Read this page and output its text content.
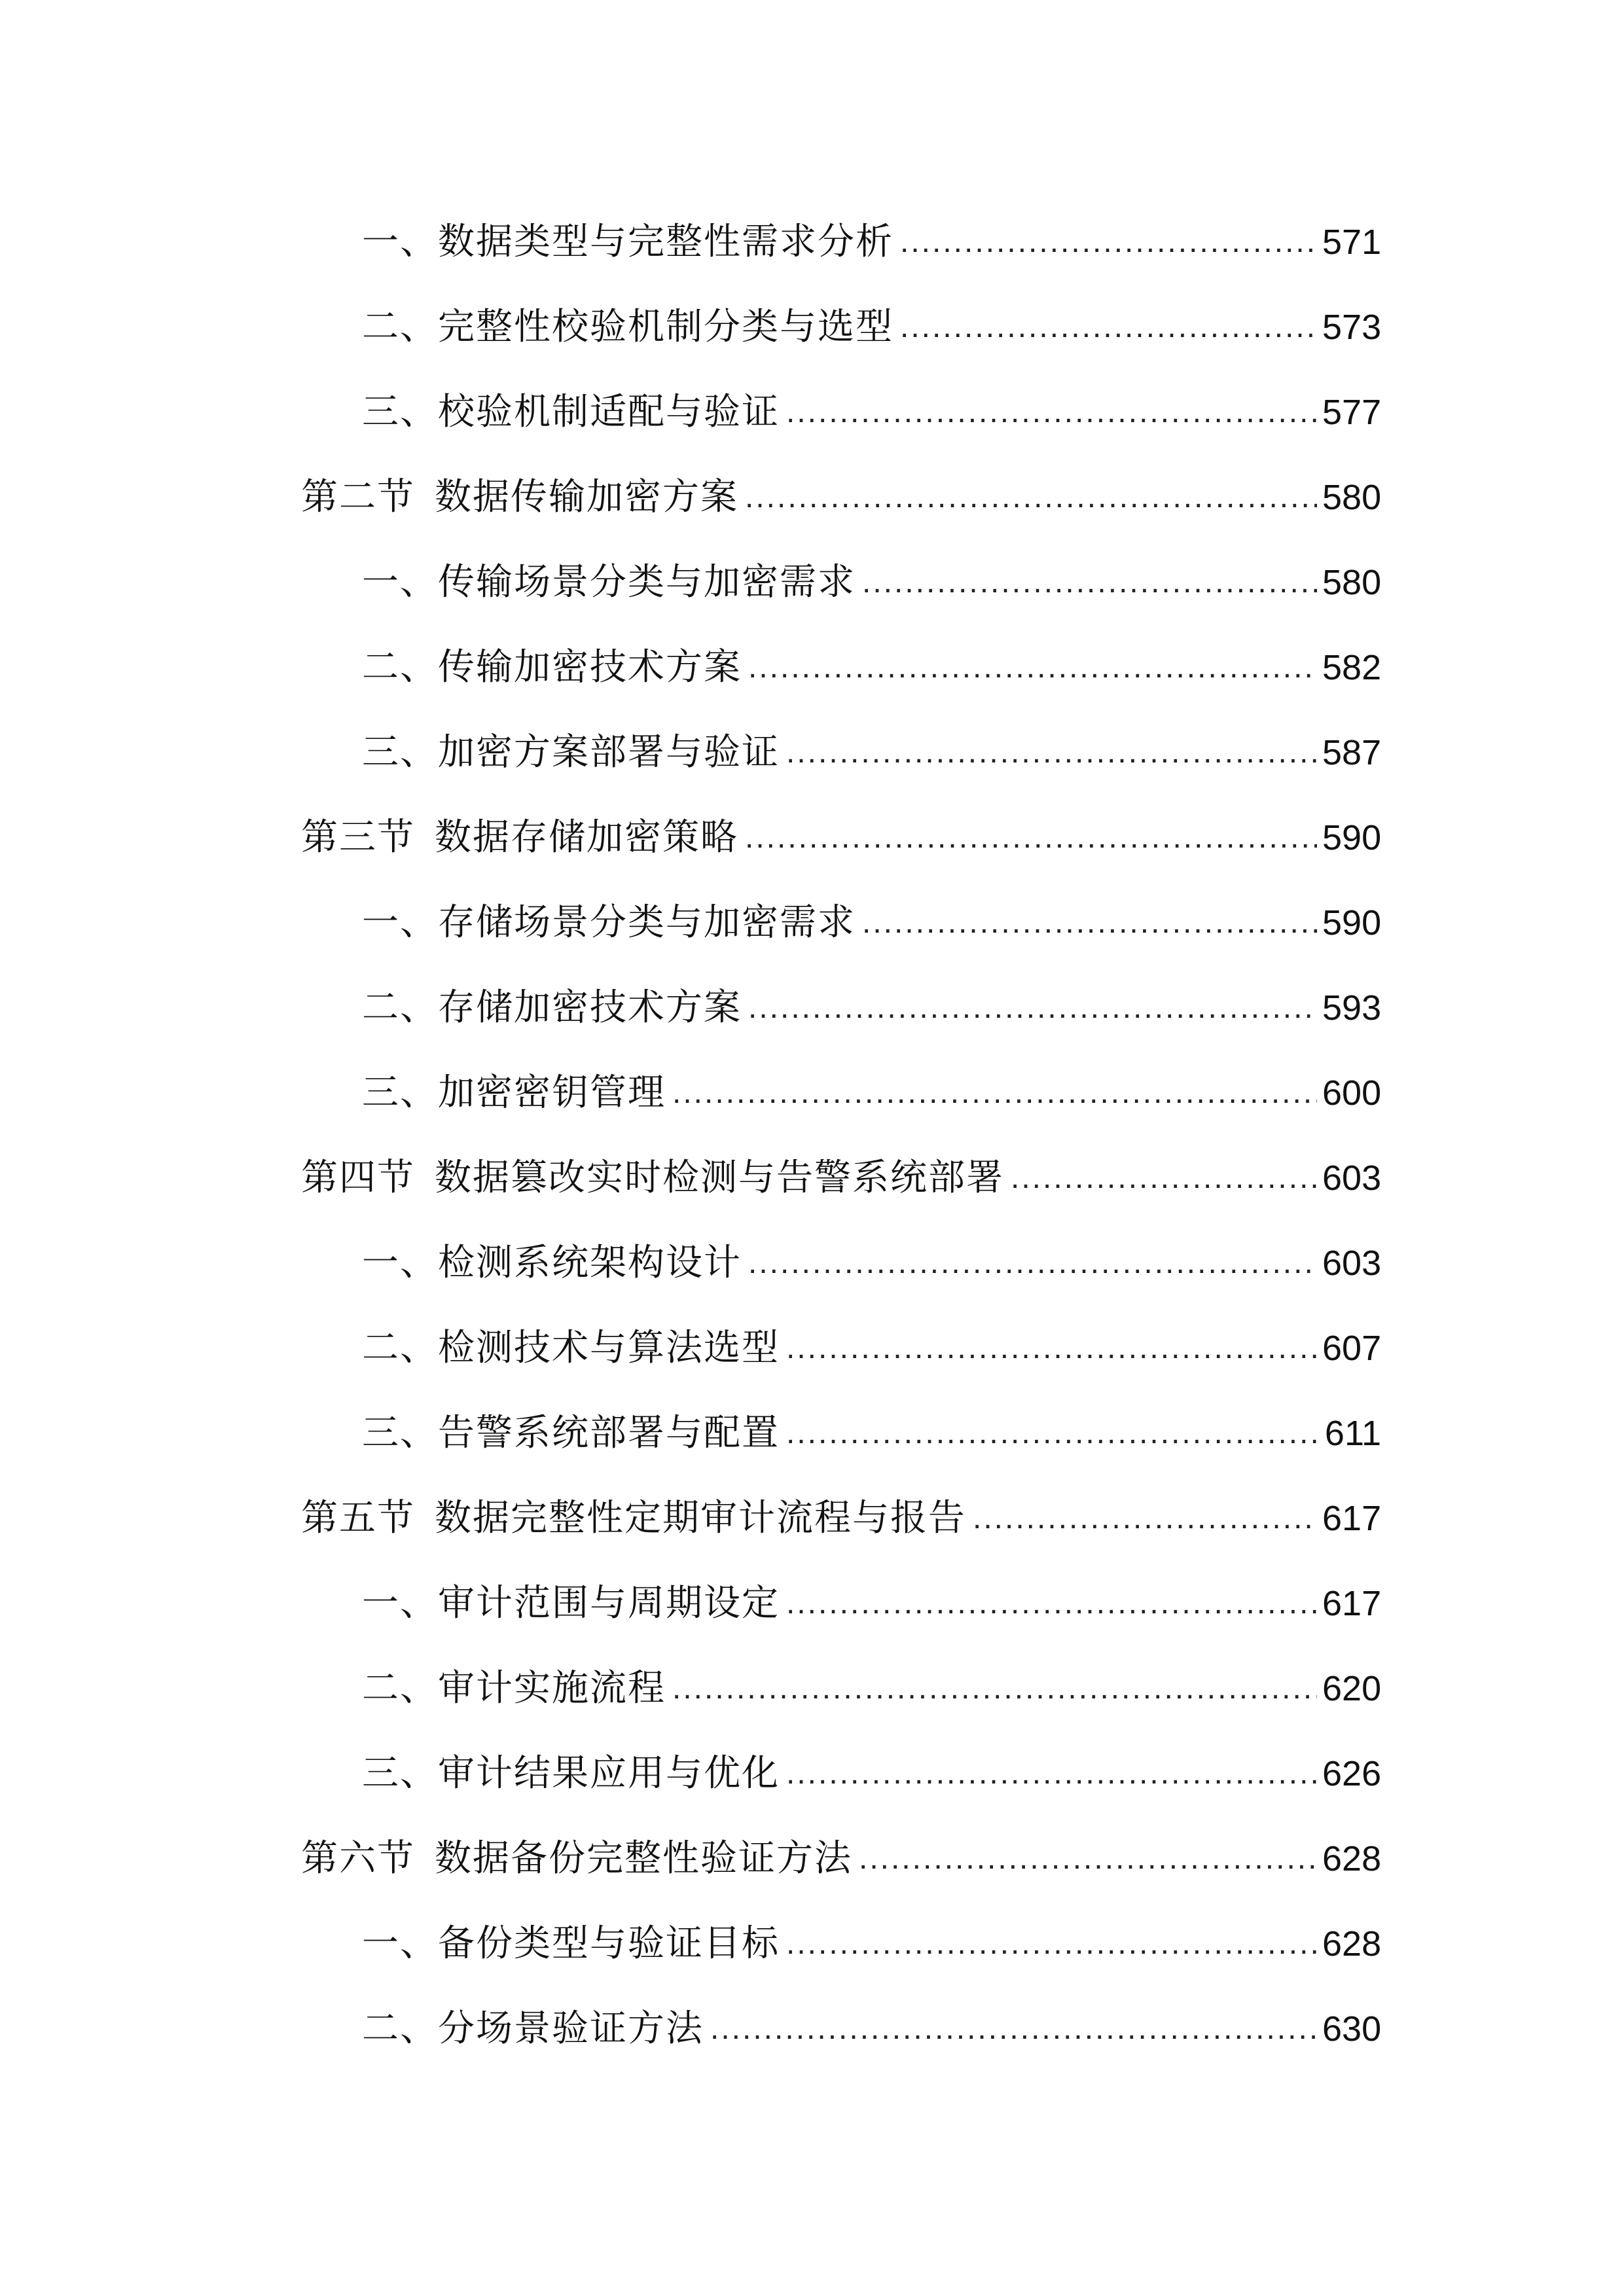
一、数据类型与完整性需求分析 .....	571
二、完整性校验机制分类与选型 .....	573
三、校验机制适配与验证 .....	577
第二节 数据传输加密方案 .....	580
一、传输场景分类与加密需求 .....	580
二、传输加密技术方案 .....	582
三、加密方案部署与验证 .....	587
第三节 数据存储加密策略 .....	590
一、存储场景分类与加密需求 .....	590
二、存储加密技术方案 .....	593
三、加密密钥管理 .....	600
第四节 数据篡改实时检测与告警系统部署 .....	603
一、检测系统架构设计 .....	603
二、检测技术与算法选型 .....	607
三、告警系统部署与配置 .....	611
第五节 数据完整性定期审计流程与报告 .....	617
一、审计范围与周期设定 .....	617
二、审计实施流程 .....	620
三、审计结果应用与优化 .....	626
第六节 数据备份完整性验证方法 .....	628
一、备份类型与验证目标 .....	628
二、分场景验证方法 .....	630
